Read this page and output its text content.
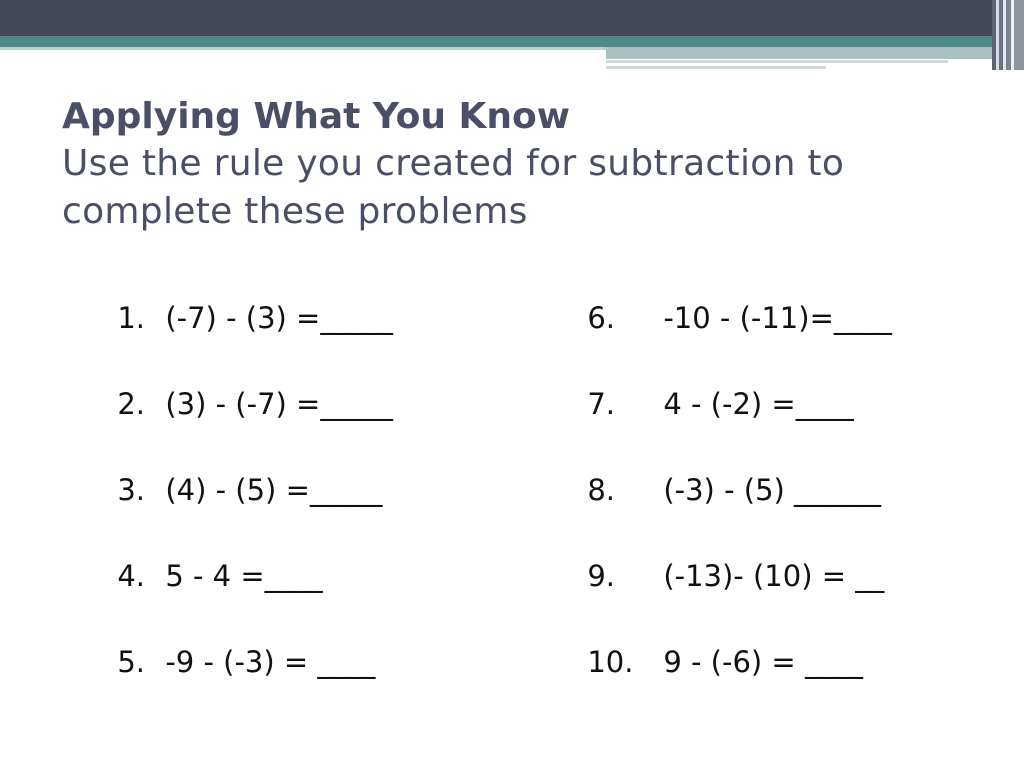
Applying What You Know
Use the rule you created for subtraction to complete these problems

1. (-7) - (3) =_____

2. (3) - (-7) =_____

3. (4) - (5) =_____

4. 5 - 4 =____

5. -9 - (-3) = ____

6. -10 - (-11)=____

7. 4 - (-2) =____

8. (-3) - (5) ______

9. (-13)- (10) = __

10. 9 - (-6) = ____
